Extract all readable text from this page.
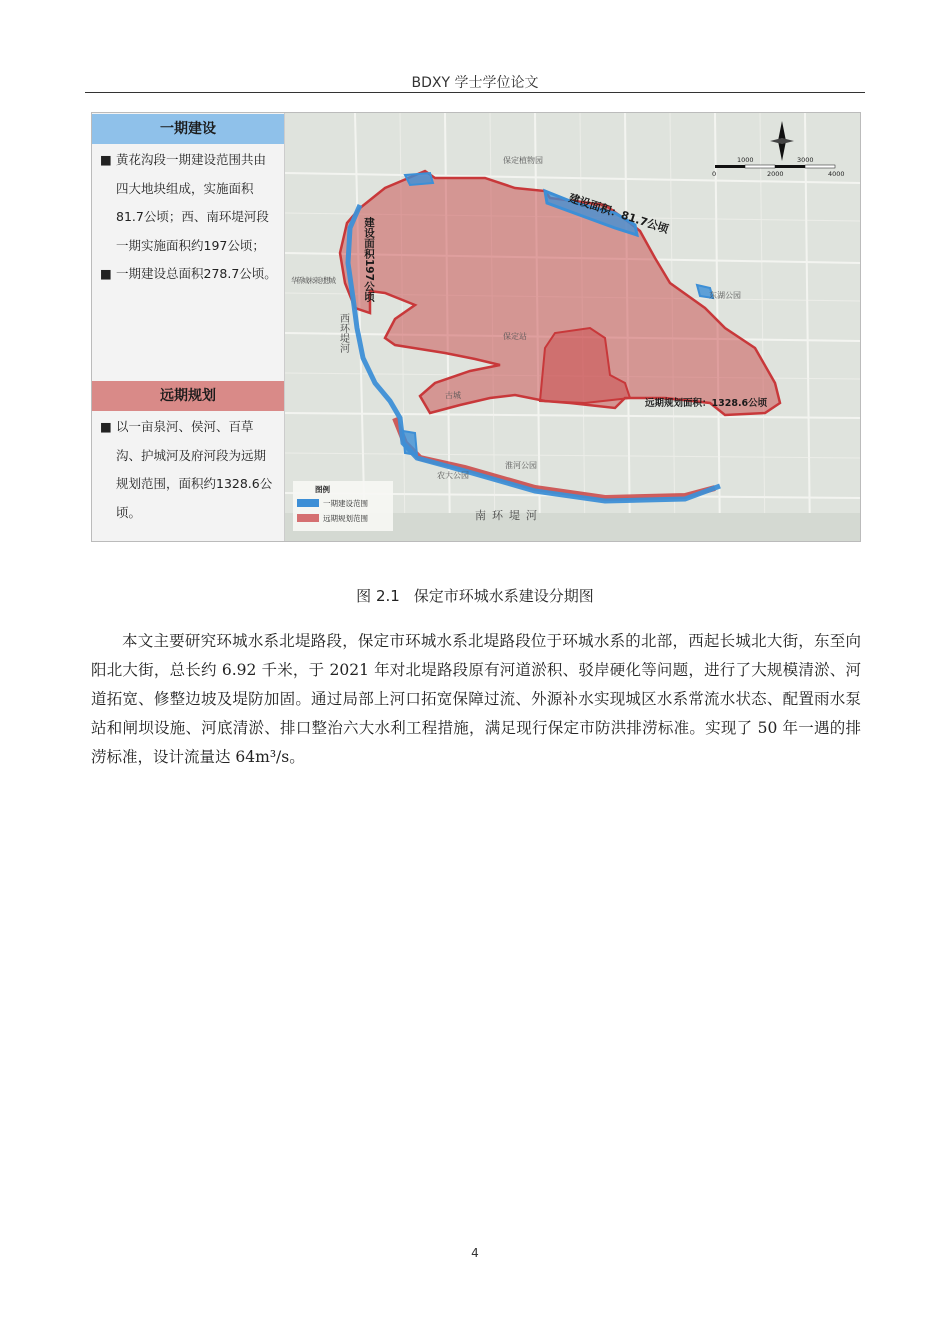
BDXY 学士学位论文
一期建设

■ 黄花沟段一期建设范围共由四大地块组成，实施面积81.7公顷；西、南环堤河段一期实施面积约197公顷；

■ 一期建设总面积278.7公顷。

远期规划

■ 以一亩泉河、侯河、百草沟、护城河及府河段为远期规划范围，面积约1328.6公顷。

建设面积：81.7公顷
建设面积197公顷
远期规划面积：1328.6公顷
西环堤河
南环堤河
保定植物园
华侨城未来创想城
东湖公园
保定站
古城
淮河公园
农大公园
1000	3000
0	2000	4000
图例
一期建设范围
远期规划范围
图 2.1 保定市环城水系建设分期图

本文主要研究环城水系北堤路段，保定市环城水系北堤路段位于环城水系的北部，西起长城北大街，东至向阳北大街，总长约 6.92 千米，于 2021 年对北堤路段原有河道淤积、驳岸硬化等问题，进行了大规模清淤、河道拓宽、修整边坡及堤防加固。通过局部上河口拓宽保障过流、外源补水实现城区水系常流水状态、配置雨水泵站和闸坝设施、河底清淤、排口整治六大水利工程措施，满足现行保定市防洪排涝标准。实现了 50 年一遇的排涝标准，设计流量达 64m³/s。

4
